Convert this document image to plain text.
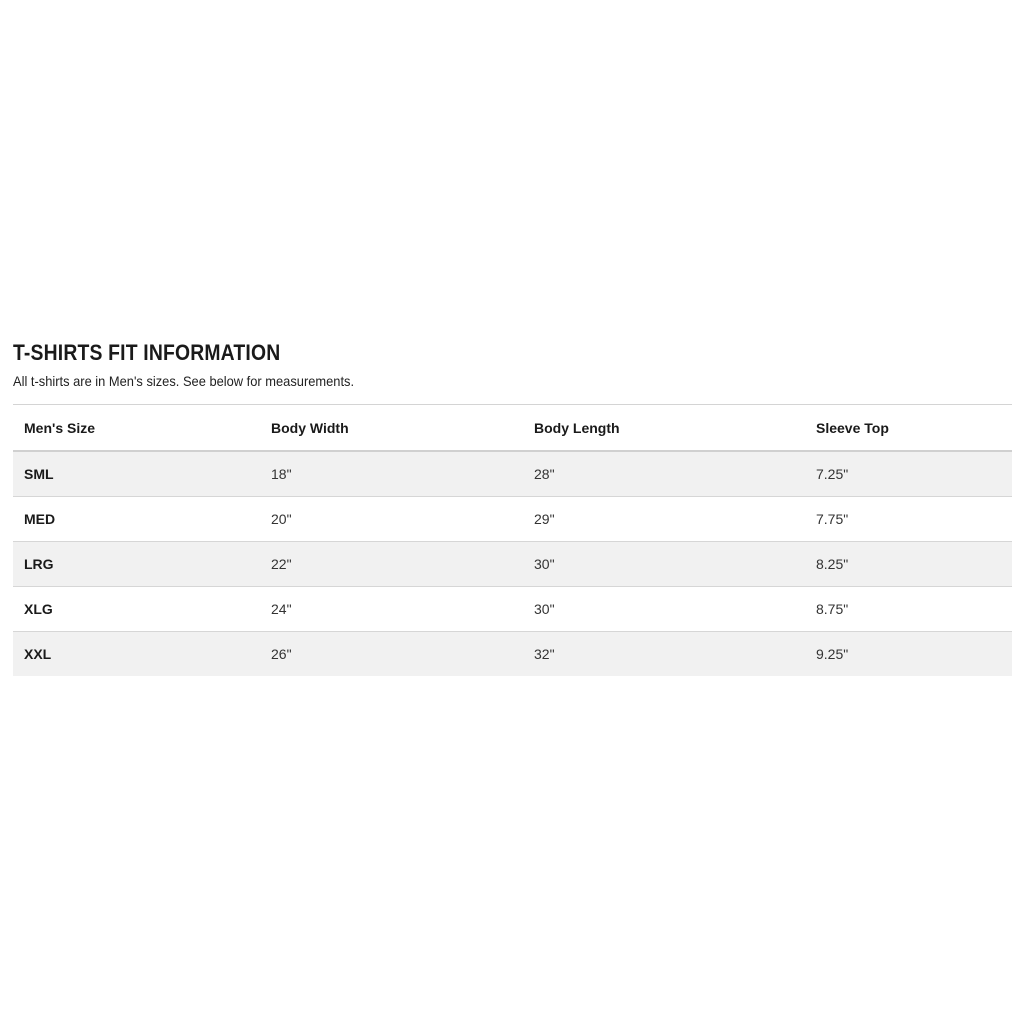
T-SHIRTS FIT INFORMATION

All t-shirts are in Men's sizes. See below for measurements.

Men's Size	Body Width	Body Length	Sleeve Top
SML	18"	28"	7.25"
MED	20"	29"	7.75"
LRG	22"	30"	8.25"
XLG	24"	30"	8.75"
XXL	26"	32"	9.25"
